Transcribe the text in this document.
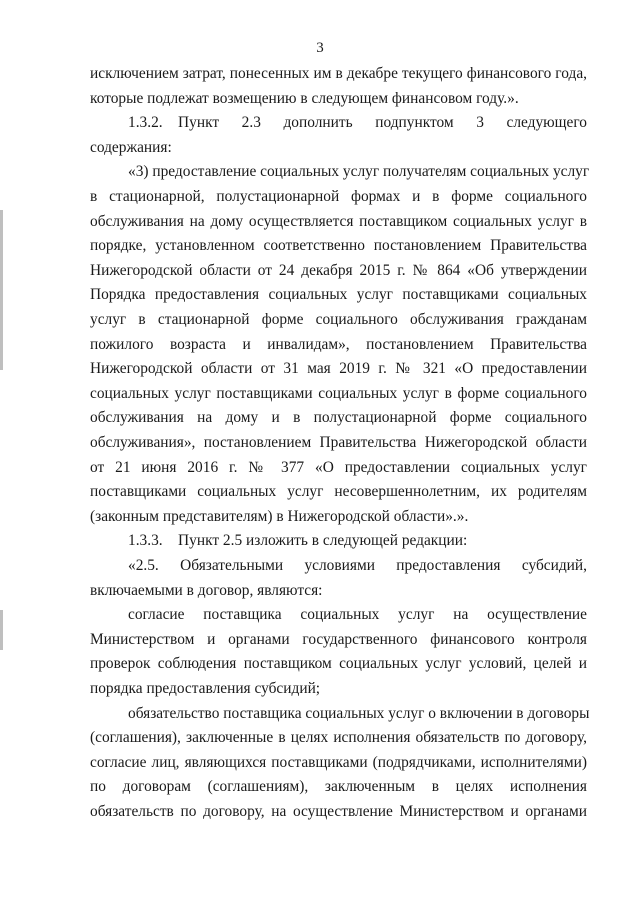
3
исключением затрат, понесенных им в декабре текущего финансового года,
которые подлежат возмещению в следующем финансовом году.».
1.3.2. Пункт 2.3 дополнить подпунктом 3 следующего
содержания:
«3) предоставление социальных услуг получателям социальных услуг
в стационарной, полустационарной формах и в форме социального
обслуживания на дому осуществляется поставщиком социальных услуг в
порядке, установленном соответственно постановлением Правительства
Нижегородской области от 24 декабря 2015 г. № 864 «Об утверждении
Порядка предоставления социальных услуг поставщиками социальных
услуг в стационарной форме социального обслуживания гражданам
пожилого возраста и инвалидам», постановлением Правительства
Нижегородской области от 31 мая 2019 г. № 321 «О предоставлении
социальных услуг поставщиками социальных услуг в форме социального
обслуживания на дому и в полустационарной форме социального
обслуживания», постановлением Правительства Нижегородской области
от 21 июня 2016 г. № 377 «О предоставлении социальных услуг
поставщиками социальных услуг несовершеннолетним, их родителям
(законным представителям) в Нижегородской области».».
1.3.3. Пункт 2.5 изложить в следующей редакции:
«2.5. Обязательными условиями предоставления субсидий,
включаемыми в договор, являются:
согласие поставщика социальных услуг на осуществление
Министерством и органами государственного финансового контроля
проверок соблюдения поставщиком социальных услуг условий, целей и
порядка предоставления субсидий;
обязательство поставщика социальных услуг о включении в договоры
(соглашения), заключенные в целях исполнения обязательств по договору,
согласие лиц, являющихся поставщиками (подрядчиками, исполнителями)
по договорам (соглашениям), заключенным в целях исполнения
обязательств по договору, на осуществление Министерством и органами
